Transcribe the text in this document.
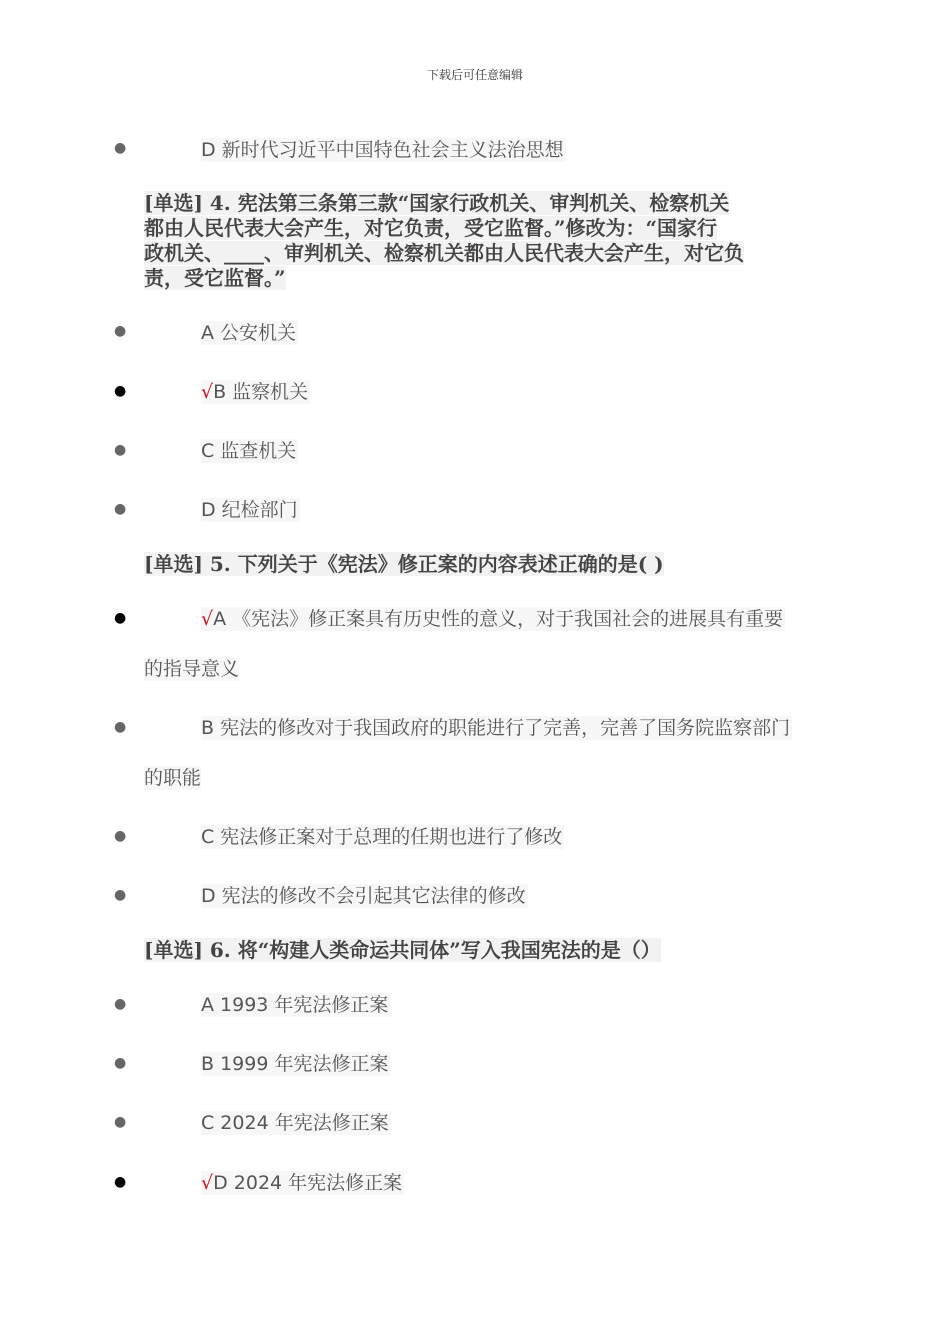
下载后可任意编辑
●	D 新时代习近平中国特色社会主义法治思想
[单选] 4. 宪法第三条第三款“国家行政机关、审判机关、检察机关
都由人民代表大会产生，对它负责，受它监督。”修改为：“国家行
政机关、____、审判机关、检察机关都由人民代表大会产生，对它负
责，受它监督。”
●	A 公安机关
●	√B 监察机关
●	C 监查机关
●	D 纪检部门
[单选] 5. 下列关于《宪法》修正案的内容表述正确的是( )
●	√A 《宪法》修正案具有历史性的意义，对于我国社会的进展具有重要
的指导意义
●	B 宪法的修改对于我国政府的职能进行了完善，完善了国务院监察部门
的职能
●	C 宪法修正案对于总理的任期也进行了修改
●	D 宪法的修改不会引起其它法律的修改
[单选] 6. 将“构建人类命运共同体”写入我国宪法的是（）
●	A 1993 年宪法修正案
●	B 1999 年宪法修正案
●	C 2024 年宪法修正案
●	√D 2024 年宪法修正案
